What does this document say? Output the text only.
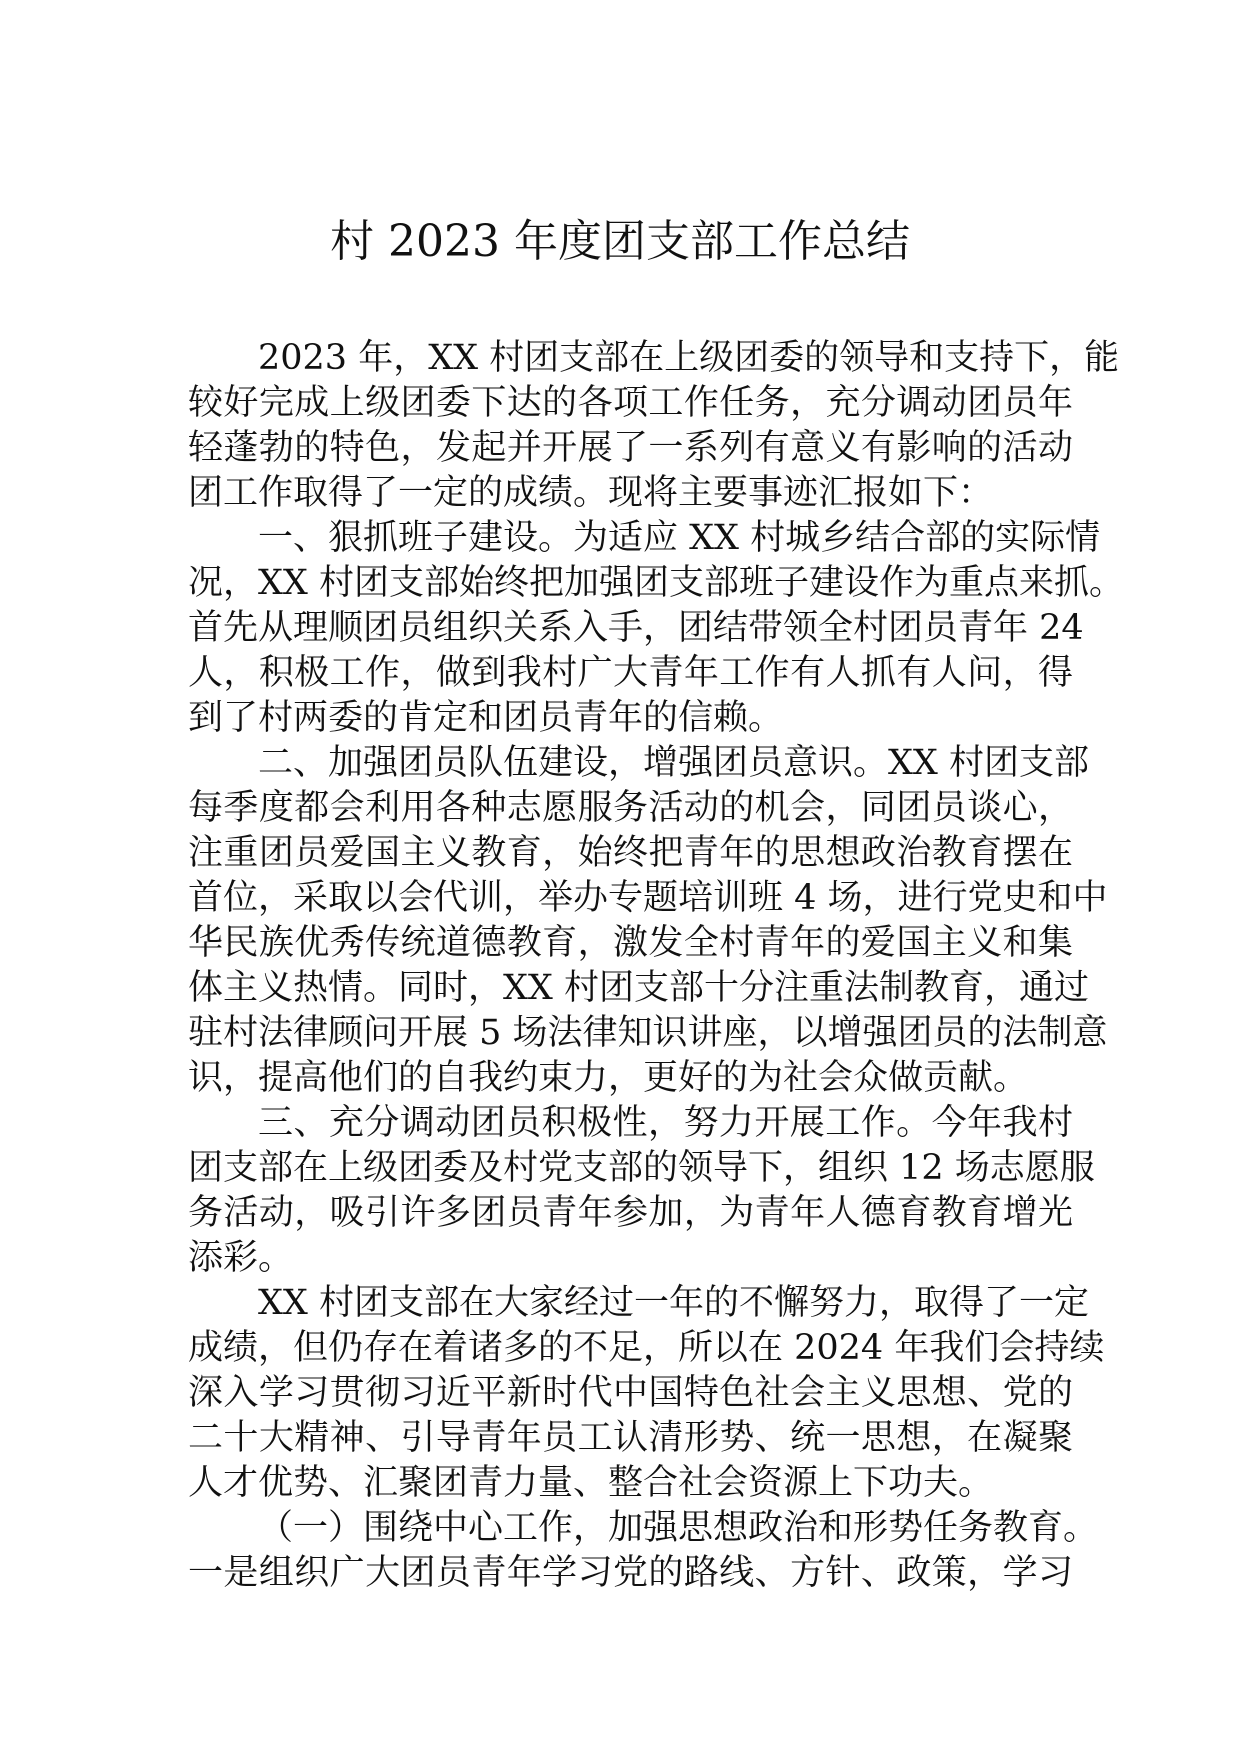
村 2023 年度团支部工作总结
2023 年，XX 村团支部在上级团委的领导和支持下，能
较好完成上级团委下达的各项工作任务，充分调动团员年
轻蓬勃的特色，发起并开展了一系列有意义有影响的活动
团工作取得了一定的成绩。现将主要事迹汇报如下：
一、狠抓班子建设。为适应 XX 村城乡结合部的实际情
况，XX 村团支部始终把加强团支部班子建设作为重点来抓。
首先从理顺团员组织关系入手，团结带领全村团员青年 24
人，积极工作，做到我村广大青年工作有人抓有人问，得
到了村两委的肯定和团员青年的信赖。
二、加强团员队伍建设，增强团员意识。XX 村团支部
每季度都会利用各种志愿服务活动的机会，同团员谈心，
注重团员爱国主义教育，始终把青年的思想政治教育摆在
首位，采取以会代训，举办专题培训班 4 场，进行党史和中
华民族优秀传统道德教育，激发全村青年的爱国主义和集
体主义热情。同时，XX 村团支部十分注重法制教育，通过
驻村法律顾问开展 5 场法律知识讲座，以增强团员的法制意
识，提高他们的自我约束力，更好的为社会众做贡献。
三、充分调动团员积极性，努力开展工作。今年我村
团支部在上级团委及村党支部的领导下，组织 12 场志愿服
务活动，吸引许多团员青年参加，为青年人德育教育增光
添彩。
XX 村团支部在大家经过一年的不懈努力，取得了一定
成绩，但仍存在着诸多的不足，所以在 2024 年我们会持续
深入学习贯彻习近平新时代中国特色社会主义思想、党的
二十大精神、引导青年员工认清形势、统一思想，在凝聚
人才优势、汇聚团青力量、整合社会资源上下功夫。
（一）围绕中心工作，加强思想政治和形势任务教育。
一是组织广大团员青年学习党的路线、方针、政策，学习
